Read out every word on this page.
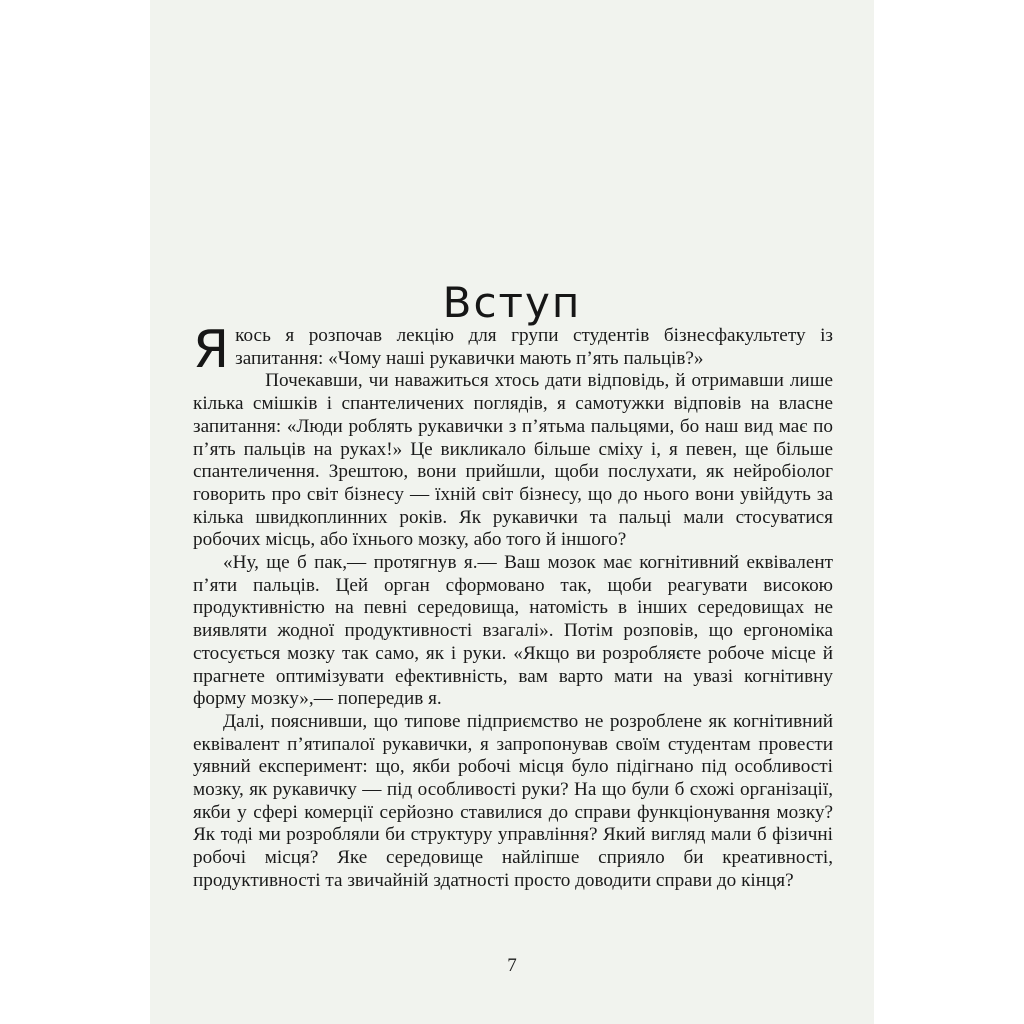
Вступ

Якось я розпочав лекцію для групи студентів бізнесфакультету із запитання: «Чому наші рукавички мають п’ять пальців?»

Почекавши, чи наважиться хтось дати відповідь, й отримавши лише кілька смішків і спантеличених поглядів, я самотужки відповів на власне запитання: «Люди роблять рукавички з п’ятьма пальцями, бо наш вид має по п’ять пальців на руках!» Це викликало більше сміху і, я певен, ще більше спантеличення. Зрештою, вони прийшли, щоби послухати, як нейробіолог говорить про світ бізнесу — їхній світ бізнесу, що до нього вони увійдуть за кілька швидкоплинних років. Як рукавички та пальці мали стосуватися робочих місць, або їхнього мозку, або того й іншого?

«Ну, ще б пак,— протягнув я.— Ваш мозок має когнітивний еквівалент п’яти пальців. Цей орган сформовано так, щоби реагувати високою продуктивністю на певні середовища, натомість в інших середовищах не виявляти жодної продуктивності взагалі». Потім розповів, що ергономіка стосується мозку так само, як і руки. «Якщо ви розробляєте робоче місце й прагнете оптимізувати ефективність, вам варто мати на увазі когнітивну форму мозку»,— попередив я.

Далі, пояснивши, що типове підприємство не розроблене як когнітивний еквівалент п’ятипалої рукавички, я запропонував своїм студентам провести уявний експеримент: що, якби робочі місця було підігнано під особливості мозку, як рукавичку — під особливості руки? На що були б схожі організації, якби у сфері комерції серйозно ставилися до справи функціонування мозку? Як тоді ми розробляли би структуру управління? Який вигляд мали б фізичні робочі місця? Яке середовище найліпше сприяло би креативності, продуктивності та звичайній здатності просто доводити справи до кінця?

7
